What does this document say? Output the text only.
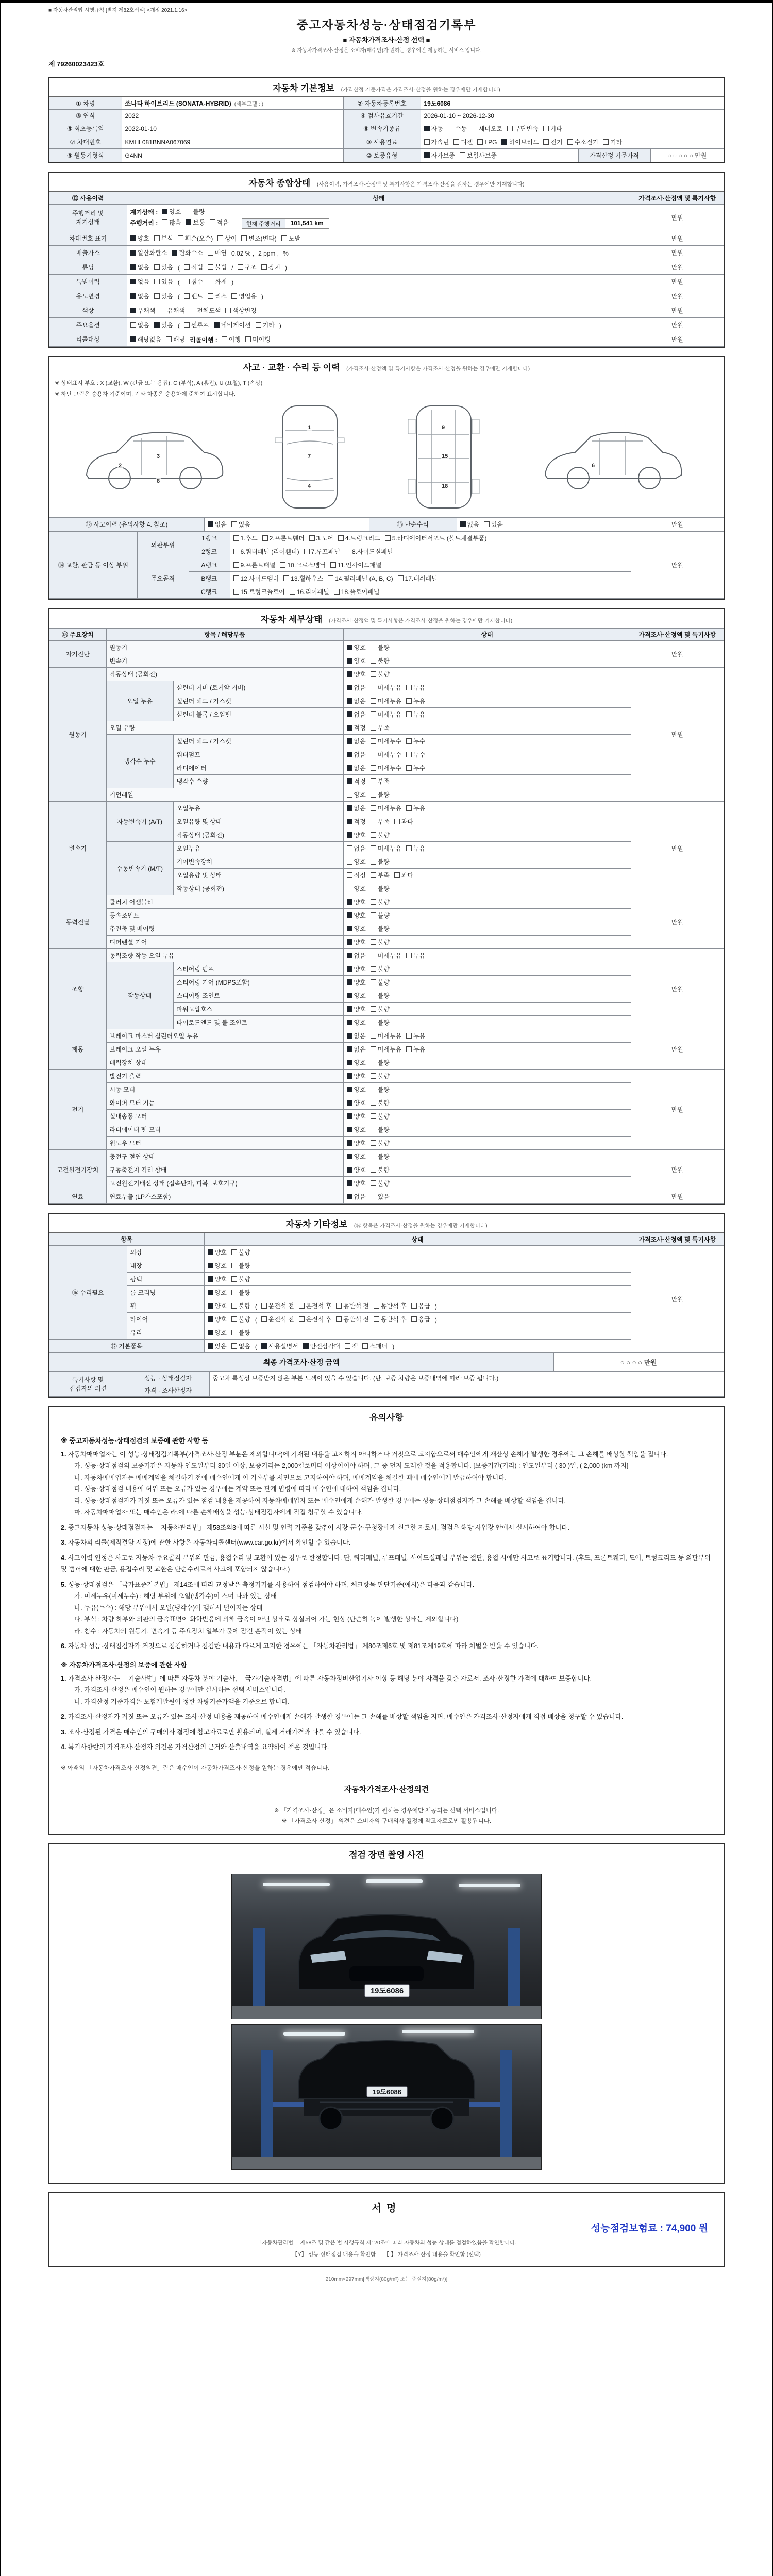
■ 자동차관리법 시행규칙 [별지 제82호서식] <개정 2021.1.16>
중고자동차성능·상태점검기록부
■ 자동차가격조사·산정 선택 ■
※ 자동차가격조사·산정은 소비자(매수인)가 원하는 경우에만 제공하는 서비스 입니다.
제 79260023423호
자동차 기본정보 (가격산정 기준가격은 가격조사·산정을 원하는 경우에만 기재합니다)
① 차명	쏘나타 하이브리드 (SONATA-HYBRID) (세부모델 : )	② 자동차등록번호	19도6086		
③ 연식	2022	④ 검사유효기간	2026-01-10 ~ 2026-12-30		
⑤ 최초등록일	2022-01-10	⑥ 변속기종류	자동 수동 세미오토 무단변속 기타		

⑦ 차대번호	KMHL081BNNA067069	⑧ 사용연료	가솔린 디젤 LPG 하이브리드 전기 수소전기 기타

⑨ 원동기형식	G4NN	⑩ 보증유형	자가보증 보험사보증	가격산정 기준가격	○ ○ ○ ○ ○ 만원
자동차 종합상태 (사용이력, 가격조사·산정액 및 특기사항은 가격조사·산정을 원하는 경우에만 기재합니다)
⑪ 사용이력	상태	가격조사·산정액 및 특기사항
주행거리 및
계기상태	
계기상태 : 양호 불량
주행거리 : 많음 보통 적음	현재 주행거리	101,541 km
	만원
차대번호 표기	양호 부식 훼손(오손) 상이 변조(변타) 도말	만원
배출가스	일산화탄소 탄화수소 매연 0.02 % , 2 ppm , %	만원
튜닝	없음 있음 ( 적법 불법 / 구조 장치 )	만원
특별이력	없음 있음 ( 침수 화재 )	만원
용도변경	없음 있음 ( 렌트 리스 영업용 )	만원
색상	무채색 유채색 전체도색 색상변경	만원
주요옵션	없음 있음 ( 썬루프 네비게이션 기타 )	만원
리콜대상	해당없음 해당 리콜이행 : 이행 미이행	만원
사고 · 교환 · 수리 등 이력 (가격조사·산정액 및 특기사항은 가격조사·산정을 원하는 경우에만 기재합니다)
※ 상태표시 부호 : X (교환), W (판금 또는 용접), C (부식), A (흠집), U (요철), T (손상)
※ 하단 그림은 승용차 기준이며, 기타 차종은 승용차에 준하여 표시합니다.
2
3
8
1
7
4
9
15
18
6
⑫ 사고이력 (유의사항 4. 참조)	없음 있음	⑬ 단순수리	없음 있음	만원
⑭ 교환, 판금 등 이상 부위	외판부위	1랭크	1.후드 2.프론트휀더 3.도어 4.트렁크리드 5.라디에이터서포트 (볼트체결부품)	만원
		2랭크	6.쿼터패널 (리어휀더) 7.루프패널 8.사이드실패널	

	주요골격	A랭크	9.프론트패널 10.크로스멤버 11.인사이드패널	

		B랭크	12.사이드멤버 13.휠하우스 14.필러패널 (A, B, C) 17.대쉬패널	

		C랭크	15.트렁크플로어 16.리어패널 18.플로어패널	
자동차 세부상태 (가격조사·산정액 및 특기사항은 가격조사·산정을 원하는 경우에만 기재합니다)
⑮ 주요장치	항목 / 해당부품		상태	가격조사·산정액 및 특기사항
자기진단	원동기		양호 불량	만원
	변속기		양호 불량	

원동기	작동상태 (공회전)		양호 불량	만원
	오일 누유	실린더 커버 (로커암 커버)	없음 미세누유 누유	

		실린더 헤드 / 가스켓	없음 미세누유 누유	

		실린더 블록 / 오일팬	없음 미세누유 누유	

	오일 유량		적정 부족	

	냉각수 누수	실린더 헤드 / 가스켓	없음 미세누수 누수	

		워터펌프	없음 미세누수 누수	

		라디에이터	없음 미세누수 누수	

		냉각수 수량	적정 부족	

	커먼레일		양호 불량	

변속기	자동변속기 (A/T)	오일누유	없음 미세누유 누유	만원
		오일유량 및 상태	적정 부족 과다	

		작동상태 (공회전)	양호 불량	

	수동변속기 (M/T)	오일누유	없음 미세누유 누유	

		기어변속장치	양호 불량	

		오일유량 및 상태	적정 부족 과다	

		작동상태 (공회전)	양호 불량	

동력전달	클러치 어셈블리		양호 불량	만원
	등속조인트		양호 불량	

	추진축 및 베어링		양호 불량	

	디퍼렌셜 기어		양호 불량	

조향	동력조향 작동 오일 누유		없음 미세누유 누유	만원
	작동상태	스티어링 펌프	양호 불량	

		스티어링 기어 (MDPS포함)	양호 불량	

		스티어링 조인트	양호 불량	

		파워고압호스	양호 불량	

		타이로드엔드 및 볼 조인트	양호 불량	

제동	브레이크 마스터 실린더오일 누유		없음 미세누유 누유	만원
	브레이크 오일 누유		없음 미세누유 누유	

	배력장치 상태		양호 불량	

전기	발전기 출력		양호 불량	만원
	시동 모터		양호 불량	

	와이퍼 모터 기능		양호 불량	

	실내송풍 모터		양호 불량	

	라디에이터 팬 모터		양호 불량	

	윈도우 모터		양호 불량	

고전원전기장치	충전구 절연 상태		양호 불량	만원
	구동축전지 격리 상태		양호 불량	

	고전원전기배선 상태 (접속단자, 피복, 보호기구)		양호 불량	

연료	연료누출 (LP가스포함)		없음 있음	만원
자동차 기타정보 (⑯ 항목은 가격조사·산정을 원하는 경우에만 기재합니다)
항목		상태	가격조사·산정액 및 특기사항
⑯ 수리필요	외장	양호 불량	만원
	내장	양호 불량	

	광택	양호 불량	

	룸 크리닝	양호 불량	

휠	양호 불량 ( 운전석 전 운전석 후 동반석 전 동반석 후 응급 )
타이어	양호 불량 ( 운전석 전 운전석 후 동반석 전 동반석 후 응급 )
	유리	양호 불량	

⑰ 기본품목	있음 없음 ( 사용설명서 안전삼각대 잭 스패너 )
최종 가격조사·산정 금액	○ ○ ○ ○ 만원
특기사항 및
점검자의 의견	성능 · 상태점검자	중고차 특성상 보증받지 않은 부분 도색이 있을 수 있습니다. (단, 보증 차량은 보증내역에 따라 보증 됩니다.)
	가격 · 조사산정자	
유의사항
※ 중고자동차성능·상태점검의 보증에 관한 사항 등
1. 자동차매매업자는 이 성능·상태점검기록부(가격조사·산정 부분은 제외합니다)에 기재된 내용을 고지하지 아니하거나 거짓으로 고지함으로써 매수인에게 재산상 손해가 발생한 경우에는 그 손해를 배상할 책임을 집니다.
가. 성능·상태점검의 보증기간은 자동차 인도일부터 30일 이상, 보증거리는 2,000킬로미터 이상이어야 하며, 그 중 먼저 도래한 것을 적용합니다. [보증기간(거리) : 인도일부터 ( 30 )일, ( 2,000 )km 까지]
나. 자동차매매업자는 매매계약을 체결하기 전에 매수인에게 이 기록부를 서면으로 고지하여야 하며, 매매계약을 체결한 때에 매수인에게 발급하여야 합니다.
다. 성능·상태점검 내용에 허위 또는 오류가 있는 경우에는 계약 또는 관계 법령에 따라 매수인에 대하여 책임을 집니다.
라. 성능·상태점검자가 거짓 또는 오류가 있는 점검 내용을 제공하여 자동차매매업자 또는 매수인에게 손해가 발생한 경우에는 성능·상태점검자가 그 손해를 배상할 책임을 집니다.
마. 자동차매매업자 또는 매수인은 라.에 따른 손해배상을 성능·상태점검자에게 직접 청구할 수 있습니다.
2. 중고자동차 성능·상태점검자는 「자동차관리법」 제58조의3에 따른 시설 및 인력 기준을 갖추어 시장·군수·구청장에게 신고한 자로서, 점검은 해당 사업장 안에서 실시하여야 합니다.
3. 자동차의 리콜(제작결함 시정)에 관한 사항은 자동차리콜센터(www.car.go.kr)에서 확인할 수 있습니다.
4. 사고이력 인정은 사고로 자동차 주요골격 부위의 판금, 용접수리 및 교환이 있는 경우로 한정합니다. 단, 쿼터패널, 루프패널, 사이드실패널 부위는 절단, 용접 시에만 사고로 표기합니다. (후드, 프론트휀더, 도어, 트렁크리드 등 외판부위 및 범퍼에 대한 판금, 용접수리 및 교환은 단순수리로서 사고에 포함되지 않습니다.)
5. 성능·상태점검은 「국가표준기본법」 제14조에 따라 교정받은 측정기기를 사용하여 점검하여야 하며, 체크항목 판단기준(예시)은 다음과 같습니다.
가. 미세누유(미세누수) : 해당 부위에 오일(냉각수)이 스며 나와 있는 상태
나. 누유(누수) : 해당 부위에서 오일(냉각수)이 맺혀서 떨어지는 상태
다. 부식 : 차량 하부와 외판의 금속표면이 화학반응에 의해 금속이 아닌 상태로 상실되어 가는 현상 (단순히 녹이 발생한 상태는 제외합니다)
라. 침수 : 자동차의 원동기, 변속기 등 주요장치 일부가 물에 잠긴 흔적이 있는 상태
6. 자동차 성능·상태점검자가 거짓으로 점검하거나 점검한 내용과 다르게 고지한 경우에는 「자동차관리법」 제80조제6호 및 제81조제19호에 따라 처벌을 받을 수 있습니다.
※ 자동차가격조사·산정의 보증에 관한 사항
1. 가격조사·산정자는 「기술사법」에 따른 자동차 분야 기술사, 「국가기술자격법」에 따른 자동차정비산업기사 이상 등 해당 분야 자격을 갖춘 자로서, 조사·산정한 가격에 대하여 보증합니다.
가. 가격조사·산정은 매수인이 원하는 경우에만 실시하는 선택 서비스입니다.
나. 가격산정 기준가격은 보험개발원이 정한 차량기준가액을 기준으로 합니다.
2. 가격조사·산정자가 거짓 또는 오류가 있는 조사·산정 내용을 제공하여 매수인에게 손해가 발생한 경우에는 그 손해를 배상할 책임을 지며, 매수인은 가격조사·산정자에게 직접 배상을 청구할 수 있습니다.
3. 조사·산정된 가격은 매수인의 구매의사 결정에 참고자료로만 활용되며, 실제 거래가격과 다를 수 있습니다.
4. 특기사항란의 가격조사·산정자 의견은 가격산정의 근거와 산출내역을 요약하여 적은 것입니다.
※ 아래의 「자동차가격조사·산정의견」란은 매수인이 자동차가격조사·산정을 원하는 경우에만 적습니다.
자동차가격조사·산정의견
※ 「가격조사·산정」은 소비자(매수인)가 원하는 경우에만 제공되는 선택 서비스입니다.
※ 「가격조사·산정」 의견은 소비자의 구매의사 결정에 참고자료로만 활용됩니다.
점검 장면 촬영 사진
19도6086
19도6086
서명
성능점검보험료 : 74,900 원
「자동차관리법」 제58조 및 같은 법 시행규칙 제120조에 따라 자동차의 성능·상태를 점검하였음을 확인합니다.
【Y】 성능·상태점검 내용을 확인함　　【 】 가격조사·산정 내용을 확인함 (선택)
210mm×297mm[백상지(80g/m²) 또는 중질지(80g/m²)]
